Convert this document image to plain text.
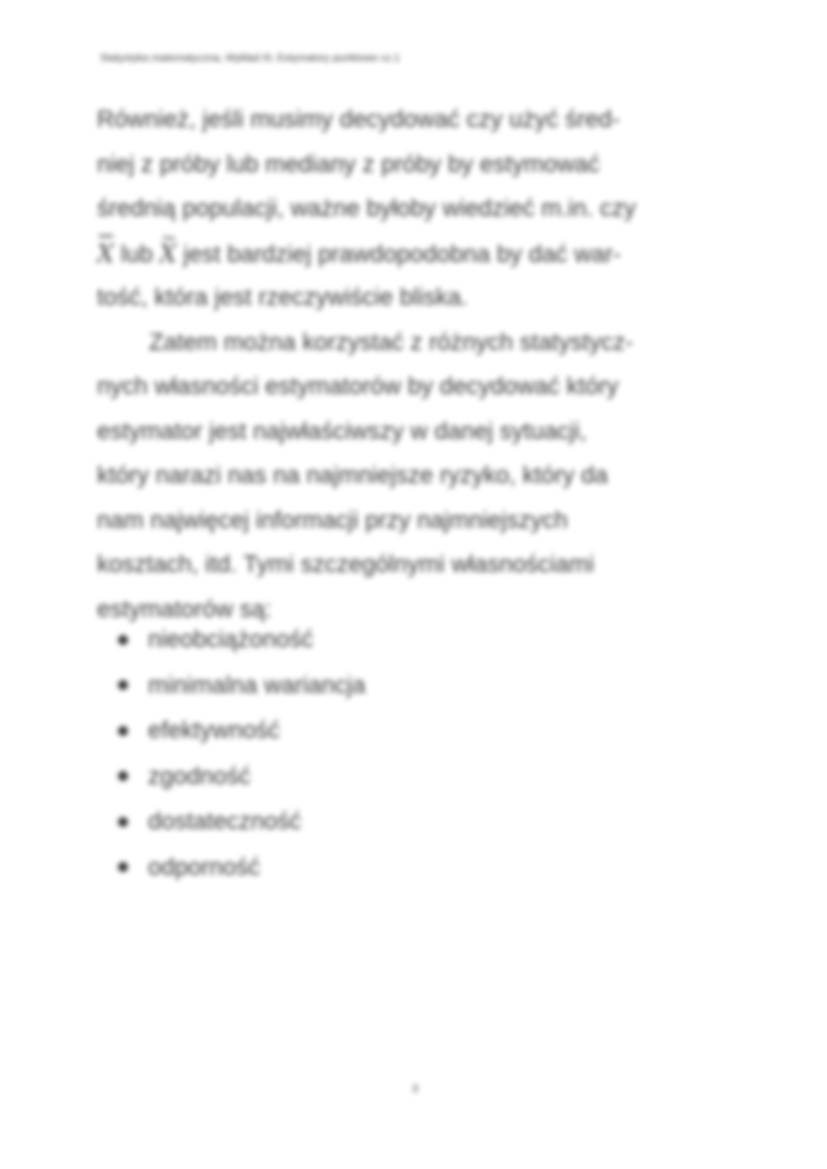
Statystyka matematyczna, Wykład III, Estymatory punktowe cz.1
Również, jeśli musimy decydować czy użyć śred-
niej z próby lub mediany z próby by estymować
średnią populacji, ważne byłoby wiedzieć m.in. czy
X lub ~ X jest bardziej prawdopodobna by dać war-
tość, która jest rzeczywiście bliska.
Zatem można korzystać z różnych statystycz-
nych własności estymatorów by decydować który
estymator jest najwłaściwszy w danej sytuacji,
który narazi nas na najmniejsze ryzyko, który da
nam najwięcej informacji przy najmniejszych
kosztach, itd. Tymi szczególnymi własnościami
estymatorów są:
nieobciążoność
minimalna wariancja
efektywność
zgodność
dostateczność
odporność
3
